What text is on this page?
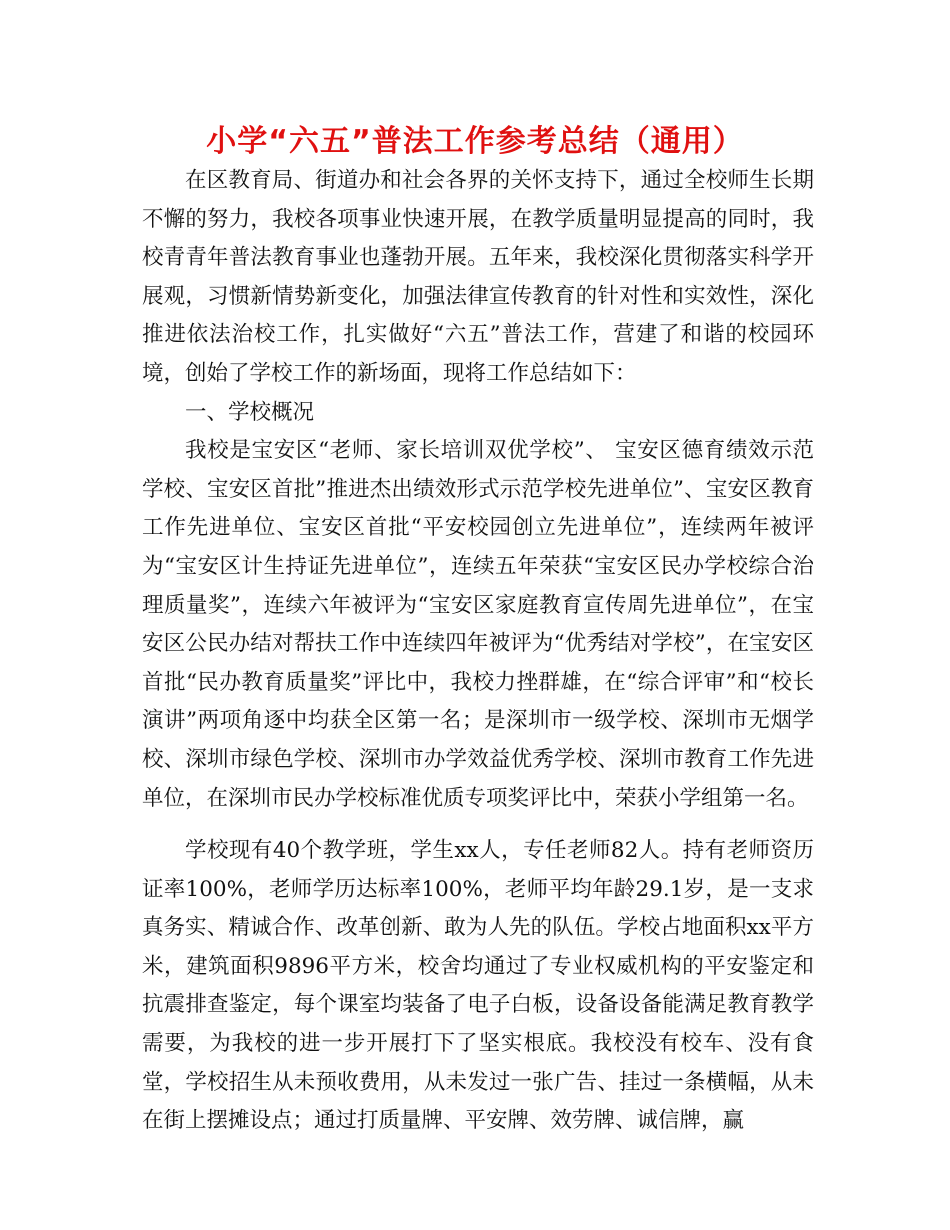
小学“六五”普法工作参考总结（通用）

在区教育局、街道办和社会各界的关怀支持下，通过全校师生长期不懈的努力，我校各项事业快速开展，在教学质量明显提高的同时，我校青青年普法教育事业也蓬勃开展。五年来，我校深化贯彻落实科学开展观，习惯新情势新变化，加强法律宣传教育的针对性和实效性，深化推进依法治校工作，扎实做好“六五”普法工作，营建了和谐的校园环境，创始了学校工作的新场面，现将工作总结如下：

一、学校概况

我校是宝安区“老师、家长培训双优学校”、 宝安区德育绩效示范学校、宝安区首批”推进杰出绩效形式示范学校先进单位”、宝安区教育工作先进单位、宝安区首批“平安校园创立先进单位”，连续两年被评为“宝安区计生持证先进单位”，连续五年荣获“宝安区民办学校综合治理质量奖”，连续六年被评为“宝安区家庭教育宣传周先进单位”，在宝安区公民办结对帮扶工作中连续四年被评为“优秀结对学校”，在宝安区首批“民办教育质量奖”评比中，我校力挫群雄，在“综合评审”和“校长演讲”两项角逐中均获全区第一名；是深圳市一级学校、深圳市无烟学校、深圳市绿色学校、深圳市办学效益优秀学校、深圳市教育工作先进单位，在深圳市民办学校标准优质专项奖评比中，荣获小学组第一名。

学校现有40个教学班，学生xx人，专任老师82人。持有老师资历证率100%，老师学历达标率100%，老师平均年龄29.1岁，是一支求真务实、精诚合作、改革创新、敢为人先的队伍。学校占地面积xx平方米，建筑面积9896平方米，校舍均通过了专业权威机构的平安鉴定和抗震排查鉴定，每个课室均装备了电子白板，设备设备能满足教育教学需要，为我校的进一步开展打下了坚实根底。我校没有校车、没有食堂，学校招生从未预收费用，从未发过一张广告、挂过一条横幅，从未在街上摆摊设点；通过打质量牌、平安牌、效劳牌、诚信牌，赢
